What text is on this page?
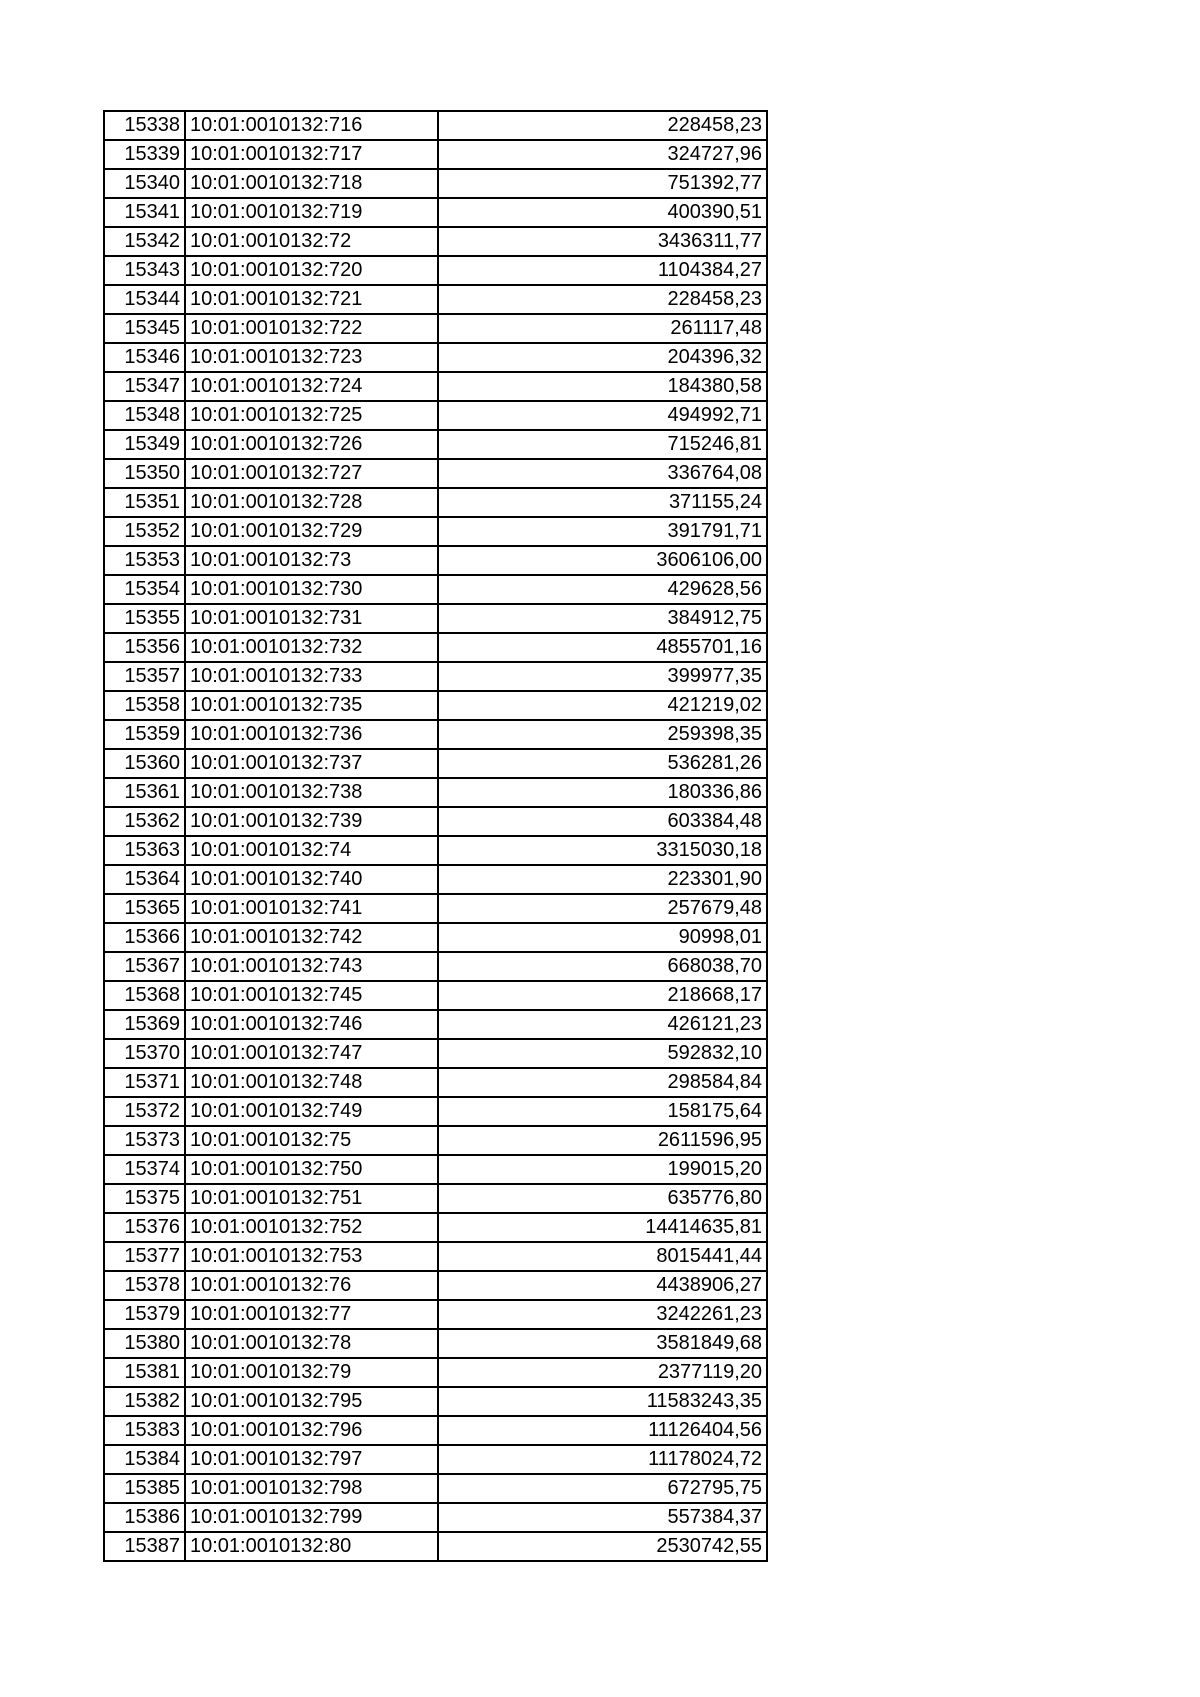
15338	10:01:0010132:716	228458,23
15339	10:01:0010132:717	324727,96
15340	10:01:0010132:718	751392,77
15341	10:01:0010132:719	400390,51
15342	10:01:0010132:72	3436311,77
15343	10:01:0010132:720	1104384,27
15344	10:01:0010132:721	228458,23
15345	10:01:0010132:722	261117,48
15346	10:01:0010132:723	204396,32
15347	10:01:0010132:724	184380,58
15348	10:01:0010132:725	494992,71
15349	10:01:0010132:726	715246,81
15350	10:01:0010132:727	336764,08
15351	10:01:0010132:728	371155,24
15352	10:01:0010132:729	391791,71
15353	10:01:0010132:73	3606106,00
15354	10:01:0010132:730	429628,56
15355	10:01:0010132:731	384912,75
15356	10:01:0010132:732	4855701,16
15357	10:01:0010132:733	399977,35
15358	10:01:0010132:735	421219,02
15359	10:01:0010132:736	259398,35
15360	10:01:0010132:737	536281,26
15361	10:01:0010132:738	180336,86
15362	10:01:0010132:739	603384,48
15363	10:01:0010132:74	3315030,18
15364	10:01:0010132:740	223301,90
15365	10:01:0010132:741	257679,48
15366	10:01:0010132:742	90998,01
15367	10:01:0010132:743	668038,70
15368	10:01:0010132:745	218668,17
15369	10:01:0010132:746	426121,23
15370	10:01:0010132:747	592832,10
15371	10:01:0010132:748	298584,84
15372	10:01:0010132:749	158175,64
15373	10:01:0010132:75	2611596,95
15374	10:01:0010132:750	199015,20
15375	10:01:0010132:751	635776,80
15376	10:01:0010132:752	14414635,81
15377	10:01:0010132:753	8015441,44
15378	10:01:0010132:76	4438906,27
15379	10:01:0010132:77	3242261,23
15380	10:01:0010132:78	3581849,68
15381	10:01:0010132:79	2377119,20
15382	10:01:0010132:795	11583243,35
15383	10:01:0010132:796	11126404,56
15384	10:01:0010132:797	11178024,72
15385	10:01:0010132:798	672795,75
15386	10:01:0010132:799	557384,37
15387	10:01:0010132:80	2530742,55
